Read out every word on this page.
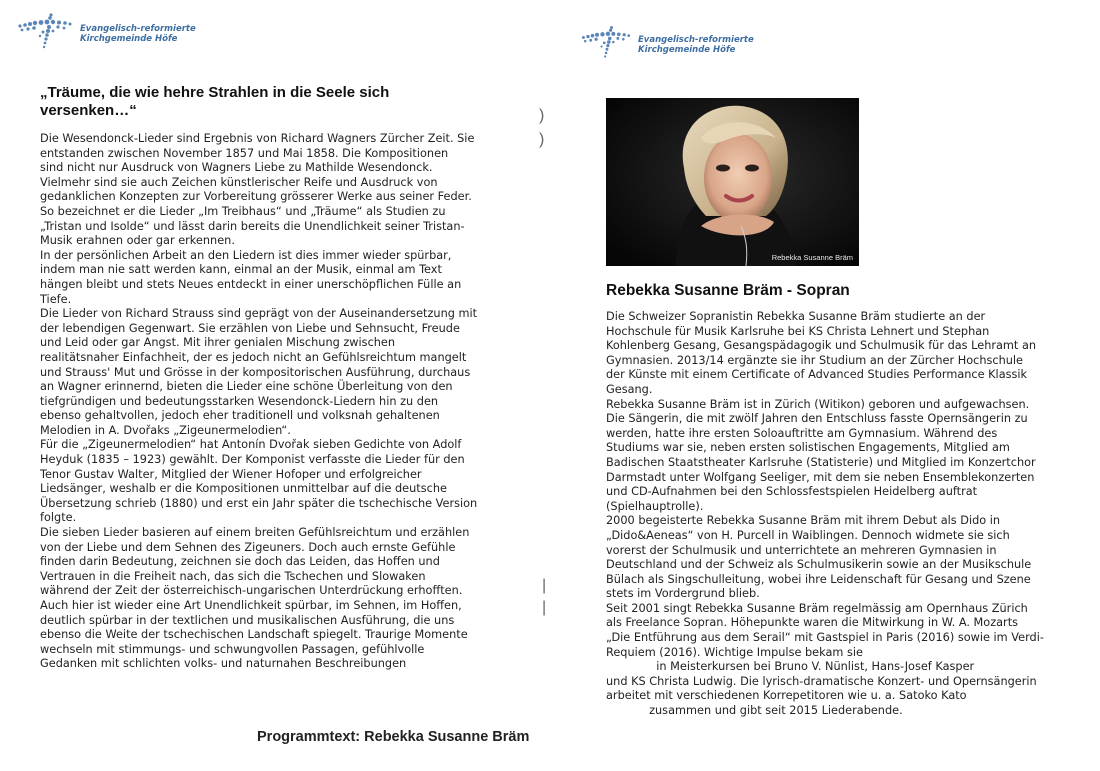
Evangelisch-reformierte
Kirchgemeinde Höfe
„Träume, die wie hehre Strahlen in die Seele sich
versenken…“
Die Wesendonck-Lieder sind Ergebnis von Richard Wagners Zürcher Zeit. Sie
entstanden zwischen November 1857 und Mai 1858. Die Kompositionen
sind nicht nur Ausdruck von Wagners Liebe zu Mathilde Wesendonck.
Vielmehr sind sie auch Zeichen künstlerischer Reife und Ausdruck von
gedanklichen Konzepten zur Vorbereitung grösserer Werke aus seiner Feder.
So bezeichnet er die Lieder „Im Treibhaus“ und „Träume“ als Studien zu
„Tristan und Isolde“ und lässt darin bereits die Unendlichkeit seiner Tristan-
Musik erahnen oder gar erkennen.
In der persönlichen Arbeit an den Liedern ist dies immer wieder spürbar,
indem man nie satt werden kann, einmal an der Musik, einmal am Text
hängen bleibt und stets Neues entdeckt in einer unerschöpflichen Fülle an
Tiefe.
Die Lieder von Richard Strauss sind geprägt von der Auseinandersetzung mit
der lebendigen Gegenwart. Sie erzählen von Liebe und Sehnsucht, Freude
und Leid oder gar Angst. Mit ihrer genialen Mischung zwischen
realitätsnaher Einfachheit, der es jedoch nicht an Gefühlsreichtum mangelt
und Strauss' Mut und Grösse in der kompositorischen Ausführung, durchaus
an Wagner erinnernd, bieten die Lieder eine schöne Überleitung von den
tiefgründigen und bedeutungsstarken Wesendonck-Liedern hin zu den
ebenso gehaltvollen, jedoch eher traditionell und volksnah gehaltenen
Melodien in A. Dvořaks „Zigeunermelodien“.
Für die „Zigeunermelodien“ hat Antonín Dvořak sieben Gedichte von Adolf
Heyduk (1835 – 1923) gewählt. Der Komponist verfasste die Lieder für den
Tenor Gustav Walter, Mitglied der Wiener Hofoper und erfolgreicher
Liedsänger, weshalb er die Kompositionen unmittelbar auf die deutsche
Übersetzung schrieb (1880) und erst ein Jahr später die tschechische Version
folgte.
Die sieben Lieder basieren auf einem breiten Gefühlsreichtum und erzählen
von der Liebe und dem Sehnen des Zigeuners. Doch auch ernste Gefühle
finden darin Bedeutung, zeichnen sie doch das Leiden, das Hoffen und
Vertrauen in die Freiheit nach, das sich die Tschechen und Slowaken
während der Zeit der österreichisch-ungarischen Unterdrückung erhofften.
Auch hier ist wieder eine Art Unendlichkeit spürbar, im Sehnen, im Hoffen,
deutlich spürbar in der textlichen und musikalischen Ausführung, die uns
ebenso die Weite der tschechischen Landschaft spiegelt. Traurige Momente
wechseln mit stimmungs- und schwungvollen Passagen, gefühlvolle
Gedanken mit schlichten volks- und naturnahen Beschreibungen
Programmtext: Rebekka Susanne Bräm
)
)
|
|
Evangelisch-reformierte
Kirchgemeinde Höfe
Rebekka Susanne Bräm
Rebekka Susanne Bräm - Sopran
Die Schweizer Sopranistin Rebekka Susanne Bräm studierte an der
Hochschule für Musik Karlsruhe bei KS Christa Lehnert und Stephan
Kohlenberg Gesang, Gesangspädagogik und Schulmusik für das Lehramt an
Gymnasien. 2013/14 ergänzte sie ihr Studium an der Zürcher Hochschule
der Künste mit einem Certificate of Advanced Studies Performance Klassik
Gesang.
Rebekka Susanne Bräm ist in Zürich (Witikon) geboren und aufgewachsen.
Die Sängerin, die mit zwölf Jahren den Entschluss fasste Opernsängerin zu
werden, hatte ihre ersten Soloauftritte am Gymnasium. Während des
Studiums war sie, neben ersten solistischen Engagements, Mitglied am
Badischen Staatstheater Karlsruhe (Statisterie) und Mitglied im Konzertchor
Darmstadt unter Wolfgang Seeliger, mit dem sie neben Ensemblekonzerten
und CD-Aufnahmen bei den Schlossfestspielen Heidelberg auftrat
(Spielhauptrolle).
2000 begeisterte Rebekka Susanne Bräm mit ihrem Debut als Dido in
„Dido&Aeneas“ von H. Purcell in Waiblingen. Dennoch widmete sie sich
vorerst der Schulmusik und unterrichtete an mehreren Gymnasien in
Deutschland und der Schweiz als Schulmusikerin sowie an der Musikschule
Bülach als Singschulleitung, wobei ihre Leidenschaft für Gesang und Szene
stets im Vordergrund blieb.
Seit 2001 singt Rebekka Susanne Bräm regelmässig am Opernhaus Zürich
als Freelance Sopran. Höhepunkte waren die Mitwirkung in W. A. Mozarts
„Die Entführung aus dem Serail“ mit Gastspiel in Paris (2016) sowie im Verdi-
Requiem (2016). Wichtige Impulse bekam sie
in Meisterkursen bei Bruno V. Nünlist, Hans-Josef Kasper
und KS Christa Ludwig. Die lyrisch-dramatische Konzert- und Opernsängerin
arbeitet mit verschiedenen Korrepetitoren wie u. a. Satoko Kato
zusammen und gibt seit 2015 Liederabende.
